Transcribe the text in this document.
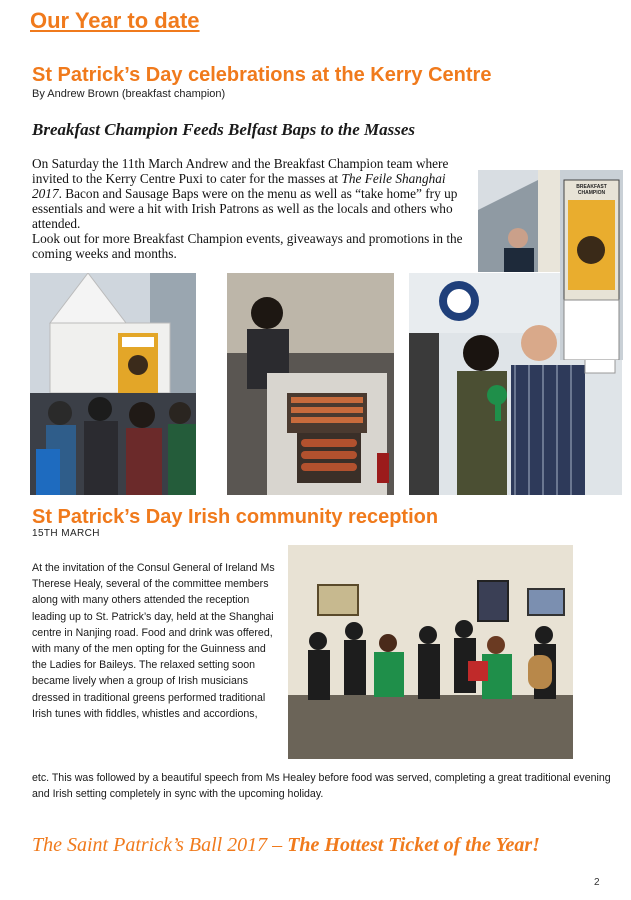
Our Year to date
St Patrick’s Day celebrations at the Kerry Centre
By Andrew Brown (breakfast champion)
Breakfast Champion Feeds Belfast Baps to the Masses

On Saturday the 11th March Andrew and the Breakfast Champion team where invited to the Kerry Centre Puxi to cater for the masses at The Feile Shanghai 2017. Bacon and Sausage Baps were on the menu as well as “take home” fry up essentials and were a hit with Irish Patrons as well as the locals and others who attended.

Look out for more Breakfast Champion events, giveaways and promotions in the coming weeks and months.

BREAKFAST CHAMPION
St Patrick’s Day Irish community reception
15TH MARCH
At the invitation of the Consul General of Ireland Ms Therese Healy, several of the committee members along with many others attended the reception leading up to St. Patrick’s day, held at the Shanghai centre in Nanjing road. Food and drink was offered, with many of the men opting for the Guinness and the Ladies for Baileys. The relaxed setting soon became lively when a group of Irish musicians dressed in traditional greens performed traditional Irish tunes with fiddles, whistles and accordions,
etc. This was followed by a beautiful speech from Ms Healey before food was served, completing a great traditional evening and Irish setting completely in sync with the upcoming holiday.
The Saint Patrick’s Ball 2017 – The Hottest Ticket of the Year!
2
